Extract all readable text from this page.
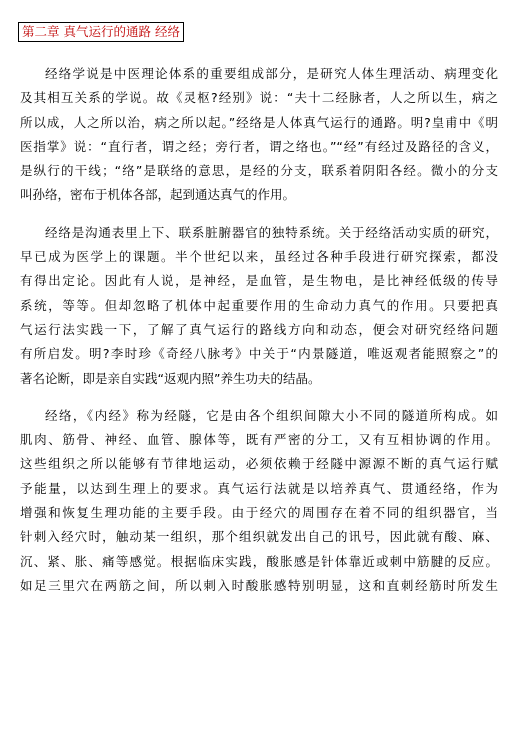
第二章 真气运行的通路 经络
经络学说是中医理论体系的重要组成部分，是研究人体生理活动、病理变化
及其相互关系的学说。故《灵枢?经别》说：“夫十二经脉者，人之所以生，病之
所以成，人之所以治，病之所以起。”经络是人体真气运行的通路。明?皇甫中《明
医指掌》说：“直行者，谓之经；旁行者，谓之络也。”“经”有经过及路径的含义，
是纵行的干线；“络”是联络的意思，是经的分支，联系着阴阳各经。微小的分支
叫孙络，密布于机体各部，起到通达真气的作用。
经络是沟通表里上下、联系脏腑器官的独特系统。关于经络活动实质的研究，
早已成为医学上的课题。半个世纪以来，虽经过各种手段进行研究探索，都没
有得出定论。因此有人说，是神经，是血管，是生物电，是比神经低级的传导
系统，等等。但却忽略了机体中起重要作用的生命动力真气的作用。只要把真
气运行法实践一下，了解了真气运行的路线方向和动态，便会对研究经络问题
有所启发。明?李时珍《奇经八脉考》中关于“内景隧道，唯返观者能照察之”的
著名论断，即是亲自实践“返观内照”养生功夫的结晶。
经络，《内经》称为经隧，它是由各个组织间隙大小不同的隧道所构成。如
肌肉、筋骨、神经、血管、腺体等，既有严密的分工，又有互相协调的作用。
这些组织之所以能够有节律地运动，必须依赖于经隧中源源不断的真气运行赋
予能量，以达到生理上的要求。真气运行法就是以培养真气、贯通经络，作为
增强和恢复生理功能的主要手段。由于经穴的周围存在着不同的组织器官，当
针刺入经穴时，触动某一组织，那个组织就发出自己的讯号，因此就有酸、麻、
沉、紧、胀、痛等感觉。根据临床实践，酸胀感是针体靠近或刺中筋腱的反应。
如足三里穴在两筋之间，所以刺入时酸胀感特别明显，这和直刺经筋时所发生
